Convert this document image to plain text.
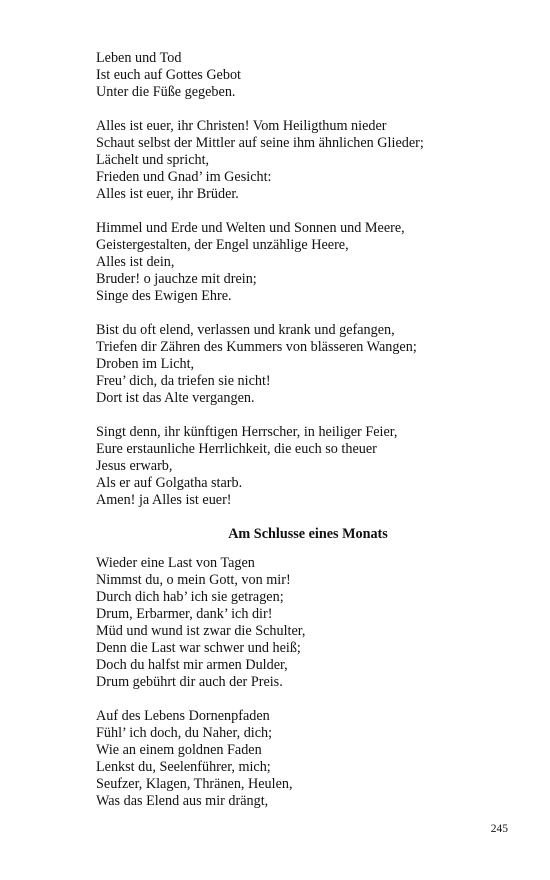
Leben und Tod
Ist euch auf Gottes Gebot
Unter die Füße gegeben.
Alles ist euer, ihr Christen! Vom Heiligthum nieder
Schaut selbst der Mittler auf seine ihm ähnlichen Glieder;
Lächelt und spricht,
Frieden und Gnad’ im Gesicht:
Alles ist euer, ihr Brüder.
Himmel und Erde und Welten und Sonnen und Meere,
Geistergestalten, der Engel unzählige Heere,
Alles ist dein,
Bruder! o jauchze mit drein;
Singe des Ewigen Ehre.
Bist du oft elend, verlassen und krank und gefangen,
Triefen dir Zähren des Kummers von blässeren Wangen;
Droben im Licht,
Freu’ dich, da triefen sie nicht!
Dort ist das Alte vergangen.
Singt denn, ihr künftigen Herrscher, in heiliger Feier,
Eure erstaunliche Herrlichkeit, die euch so theuer
Jesus erwarb,
Als er auf Golgatha starb.
Amen! ja Alles ist euer!
Am Schlusse eines Monats
Wieder eine Last von Tagen
Nimmst du, o mein Gott, von mir!
Durch dich hab’ ich sie getragen;
Drum, Erbarmer, dank’ ich dir!
Müd und wund ist zwar die Schulter,
Denn die Last war schwer und heiß;
Doch du halfst mir armen Dulder,
Drum gebührt dir auch der Preis.
Auf des Lebens Dornenpfaden
Fühl’ ich doch, du Naher, dich;
Wie an einem goldnen Faden
Lenkst du, Seelenführer, mich;
Seufzer, Klagen, Thränen, Heulen,
Was das Elend aus mir drängt,
245
